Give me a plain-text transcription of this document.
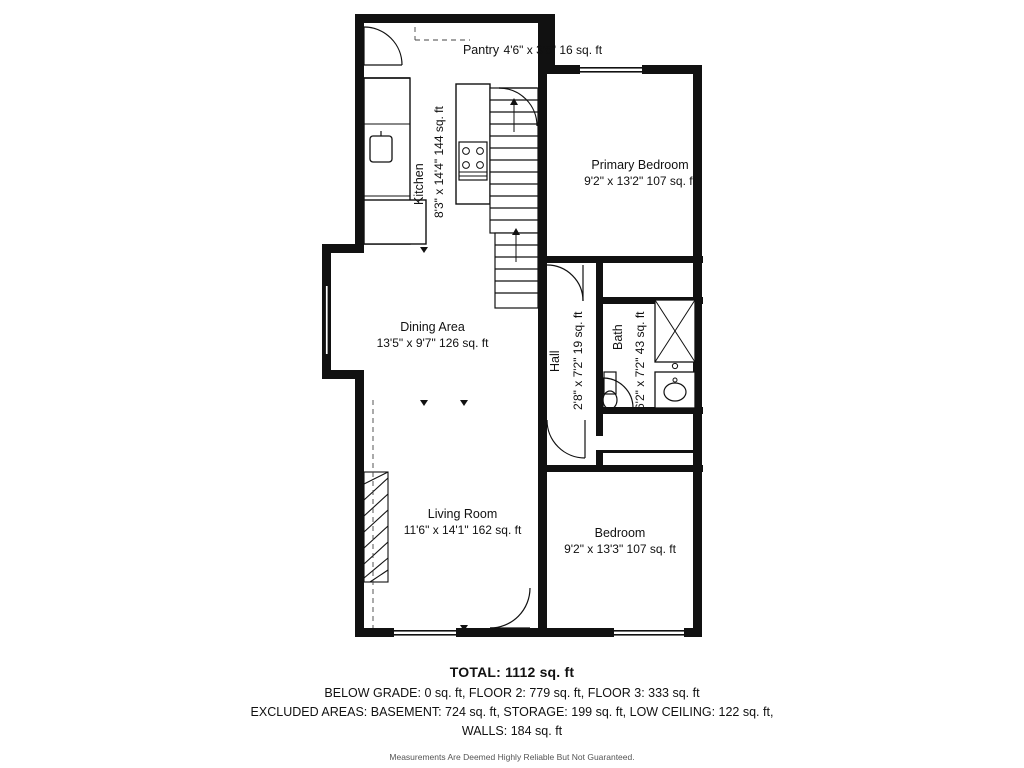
Pantry 4'6" x 3'5" 16 sq. ft
Kitchen 8'3" x 14'4" 144 sq. ft	Primary Bedroom
9'2" x 13'2" 107 sq. ft
Dining Area
13'5" x 9'7" 126 sq. ft
Hall 2'8" x 7'2" 19 sq. ft Bath 6'2" x 7'2" 43 sq. ft
Living Room
11'6" x 14'1" 162 sq. ft	Bedroom
9'2" x 13'3" 107 sq. ft
TOTAL: 1112 sq. ft
BELOW GRADE: 0 sq. ft, FLOOR 2: 779 sq. ft, FLOOR 3: 333 sq. ft
EXCLUDED AREAS: BASEMENT: 724 sq. ft, STORAGE: 199 sq. ft, LOW CEILING: 122 sq. ft,
WALLS: 184 sq. ft
Measurements Are Deemed Highly Reliable But Not Guaranteed.
